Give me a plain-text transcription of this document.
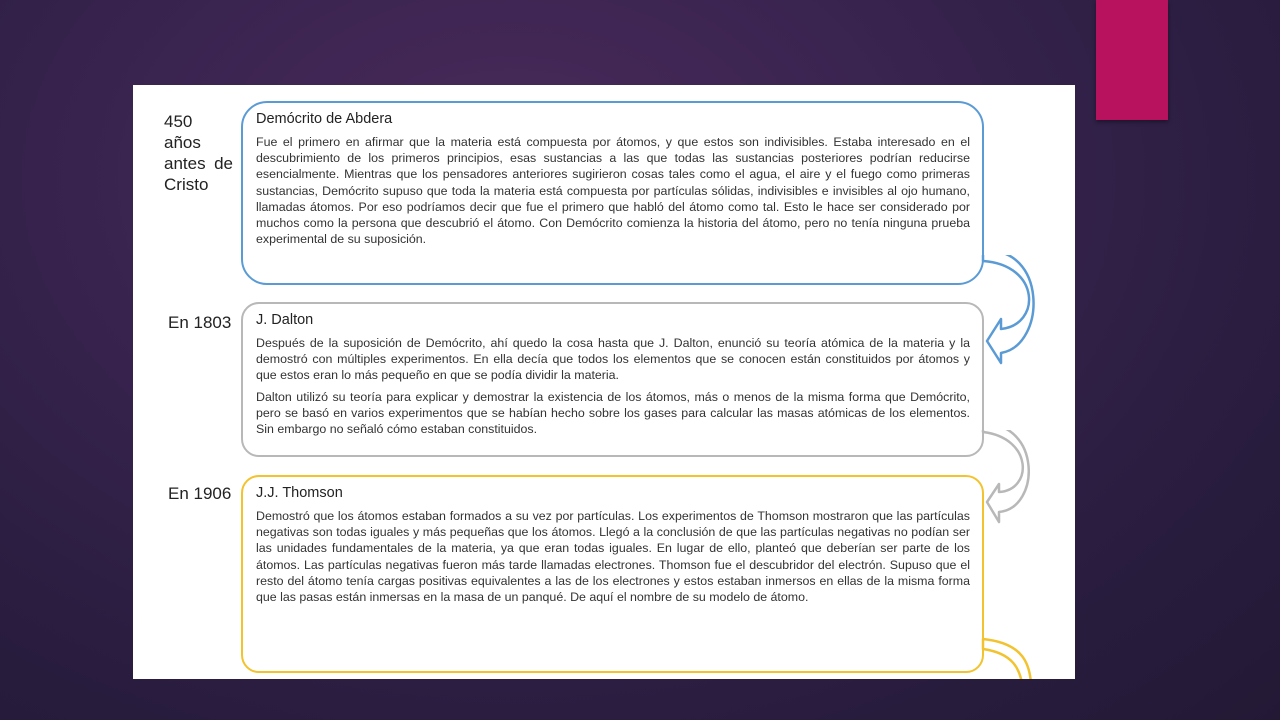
450 años antes de Cristo
Demócrito de Abdera

Fue el primero en afirmar que la materia está compuesta por átomos, y que estos son indivisibles. Estaba interesado en el descubrimiento de los primeros principios, esas sustancias a las que todas las sustancias posteriores podrían reducirse esencialmente. Mientras que los pensadores anteriores sugirieron cosas tales como el agua, el aire y el fuego como primeras sustancias, Demócrito supuso que toda la materia está compuesta por partículas sólidas, indivisibles e invisibles al ojo humano, llamadas átomos. Por eso podríamos decir que fue el primero que habló del átomo como tal. Esto le hace ser considerado por muchos como la persona que descubrió el átomo. Con Demócrito comienza la historia del átomo, pero no tenía ninguna prueba experimental de su suposición.

En 1803 J. Dalton

Después de la suposición de Demócrito, ahí quedo la cosa hasta que J. Dalton, enunció su teoría atómica de la materia y la demostró con múltiples experimentos. En ella decía que todos los elementos que se conocen están constituidos por átomos y que estos eran lo más pequeño en que se podía dividir la materia.

Dalton utilizó su teoría para explicar y demostrar la existencia de los átomos, más o menos de la misma forma que Demócrito, pero se basó en varios experimentos que se habían hecho sobre los gases para calcular las masas atómicas de los elementos. Sin embargo no señaló cómo estaban constituidos.

En 1906 J.J. Thomson

Demostró que los átomos estaban formados a su vez por partículas. Los experimentos de Thomson mostraron que las partículas negativas son todas iguales y más pequeñas que los átomos. Llegó a la conclusión de que las partículas negativas no podían ser las unidades fundamentales de la materia, ya que eran todas iguales. En lugar de ello, planteó que deberían ser parte de los átomos. Las partículas negativas fueron más tarde llamadas electrones. Thomson fue el descubridor del electrón. Supuso que el resto del átomo tenía cargas positivas equivalentes a las de los electrones y estos estaban inmersos en ellas de la misma forma que las pasas están inmersas en la masa de un panqué. De aquí el nombre de su modelo de átomo.
